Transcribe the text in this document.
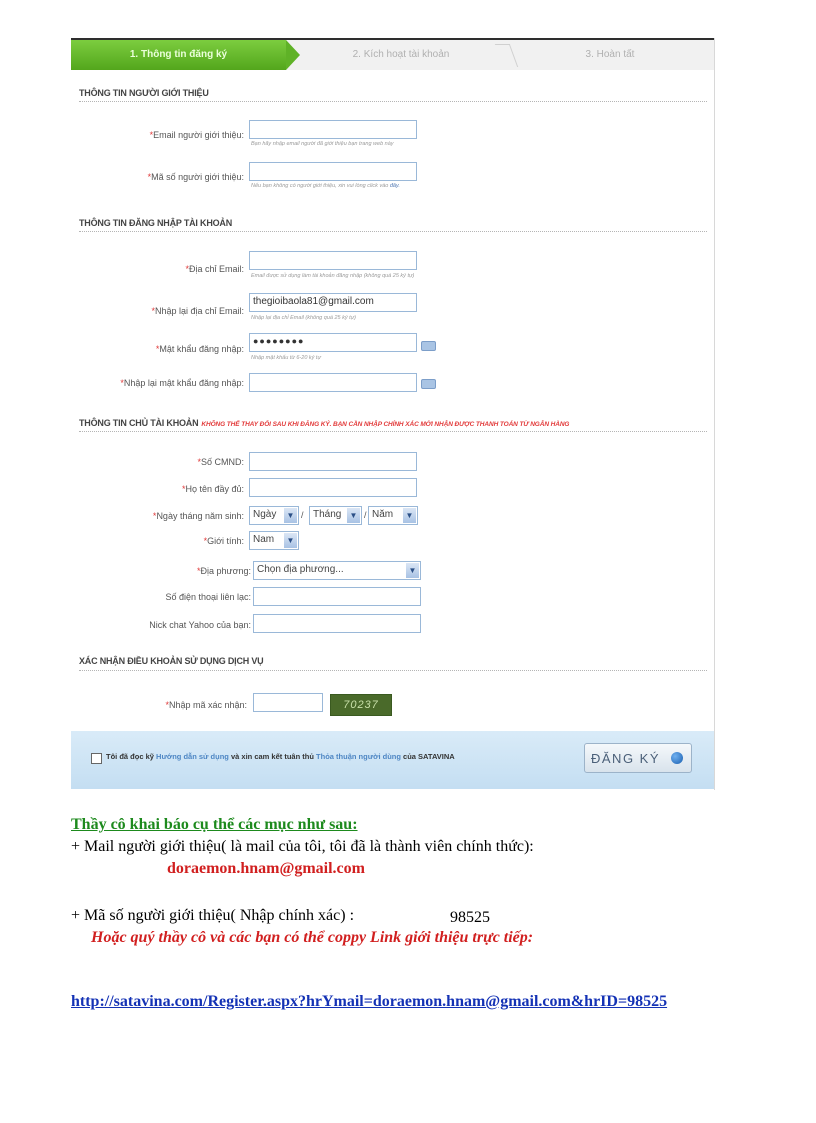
1. Thông tin đăng ký	2. Kích hoạt tài khoản	3. Hoàn tất
THÔNG TIN NGƯỜI GIỚI THIỆU
*Email người giới thiệu:
Bạn hãy nhập email người đã giới thiệu bạn trang web này
*Mã số người giới thiệu:
Nếu bạn không có người giới thiệu, xin vui lòng click vào đây.
THÔNG TIN ĐĂNG NHẬP TÀI KHOẢN
*Địa chỉ Email:
Email được sử dụng làm tài khoản đăng nhập (không quá 25 ký tự)
*Nhập lại địa chỉ Email:
thegioibaola81@gmail.com
Nhập lại địa chỉ Email (không quá 25 ký tự)
*Mật khẩu đăng nhập:
●●●●●●●●
Nhập mật khẩu từ 6-20 ký tự
*Nhập lại mật khẩu đăng nhập:
THÔNG TIN CHỦ TÀI KHOẢN KHÔNG THỂ THAY ĐỔI SAU KHI ĐĂNG KÝ. BẠN CẦN NHẬP CHÍNH XÁC MỚI NHẬN ĐƯỢC THANH TOÁN TỪ NGÂN HÀNG
*Số CMND:
*Họ tên đầy đủ:
*Ngày tháng năm sinh: Ngày	▼ / Tháng	▼ / Năm	▼
*Giới tính: Nam	▼
*Địa phương: Chọn địa phương...	▼
Số điện thoại liên lạc:
Nick chat Yahoo của bạn:
XÁC NHẬN ĐIỀU KHOẢN SỬ DỤNG DỊCH VỤ
*Nhập mã xác nhận:	70237
Tôi đã đọc kỹ Hướng dẫn sử dụng và xin cam kết tuân thủ Thỏa thuận người dùng của SATAVINA	ĐĂNG KÝ
Thầy cô khai báo cụ thể các mục như sau:
+ Mail người giới thiệu( là mail của tôi, tôi đã là thành viên chính thức):
doraemon.hnam@gmail.com
+ Mã số người giới thiệu( Nhập chính xác) :	98525
Hoặc quý thầy cô và các bạn có thể coppy Link giới thiệu trực tiếp:
http://satavina.com/Register.aspx?hrYmail=doraemon.hnam@gmail.com&hrID=98525
